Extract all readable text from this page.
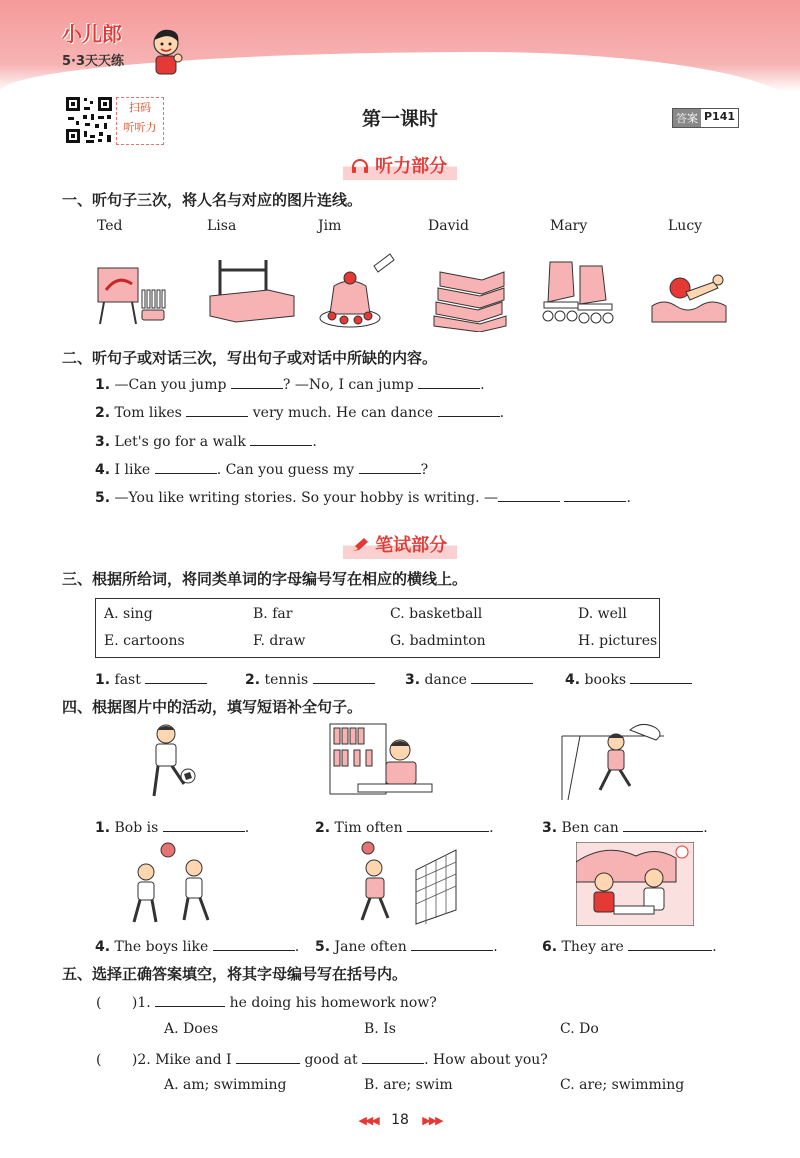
小儿郎
5·3天天练
扫码
听听力	第一课时	答案 P141
听力部分
一、听句子三次，将人名与对应的图片连线。
Ted	Lisa	Jim	David	Mary	Lucy
二、听句子或对话三次，写出句子或对话中所缺的内容。
1. —Can you jump	? —No, I can jump	.
2. Tom likes	very much. He can dance	.
3. Let's go for a walk	.
4. I like	. Can you guess my	?
5. —You like writing stories. So your hobby is writing. —	.
笔试部分
三、根据所给词，将同类单词的字母编号写在相应的横线上。
A. sing	B. far	C. basketball	D. well
E. cartoons	F. draw	G. badminton	H. pictures
1. fast	2. tennis	3. dance	4. books
四、根据图片中的活动，填写短语补全句子。
1. Bob is	.	2. Tim often	.	3. Ben can	.
4. The boys like	. 5. Jane often	.	6. They are	.
五、选择正确答案填空，将其字母编号写在括号内。
( )1.	he doing his homework now?
A. Does	B. Is	C. Do
( )2. Mike and I	good at	. How about you?
A. am; swimming	B. are; swim	C. are; swimming
◀◀◀ 18 ▶▶▶
